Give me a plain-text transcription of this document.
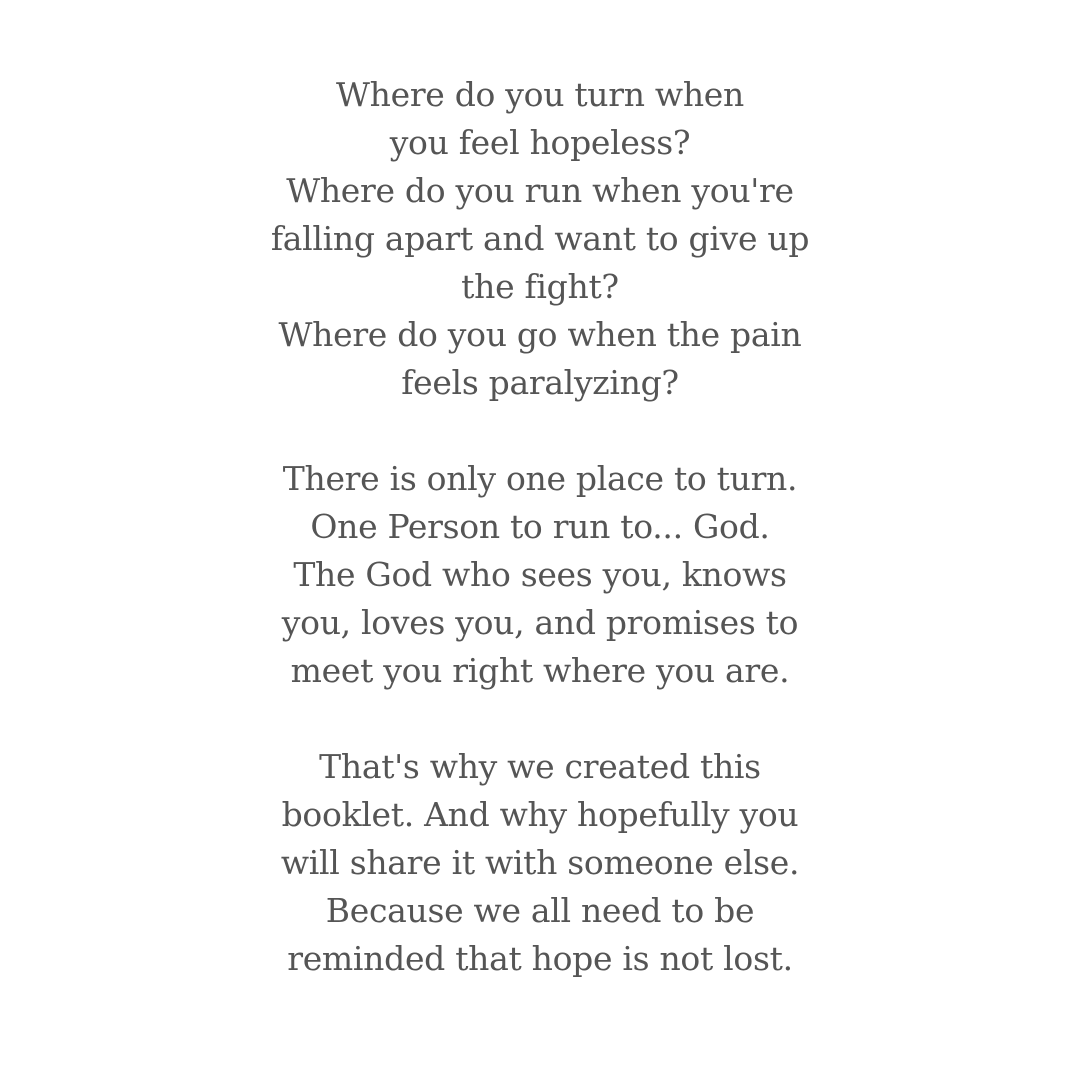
Where do you turn when
you feel hopeless?
Where do you run when you're
falling apart and want to give up
the fight?
Where do you go when the pain
feels paralyzing?

There is only one place to turn.
One Person to run to... God.
The God who sees you, knows
you, loves you, and promises to
meet you right where you are.

That's why we created this
booklet. And why hopefully you
will share it with someone else.
Because we all need to be
reminded that hope is not lost.
